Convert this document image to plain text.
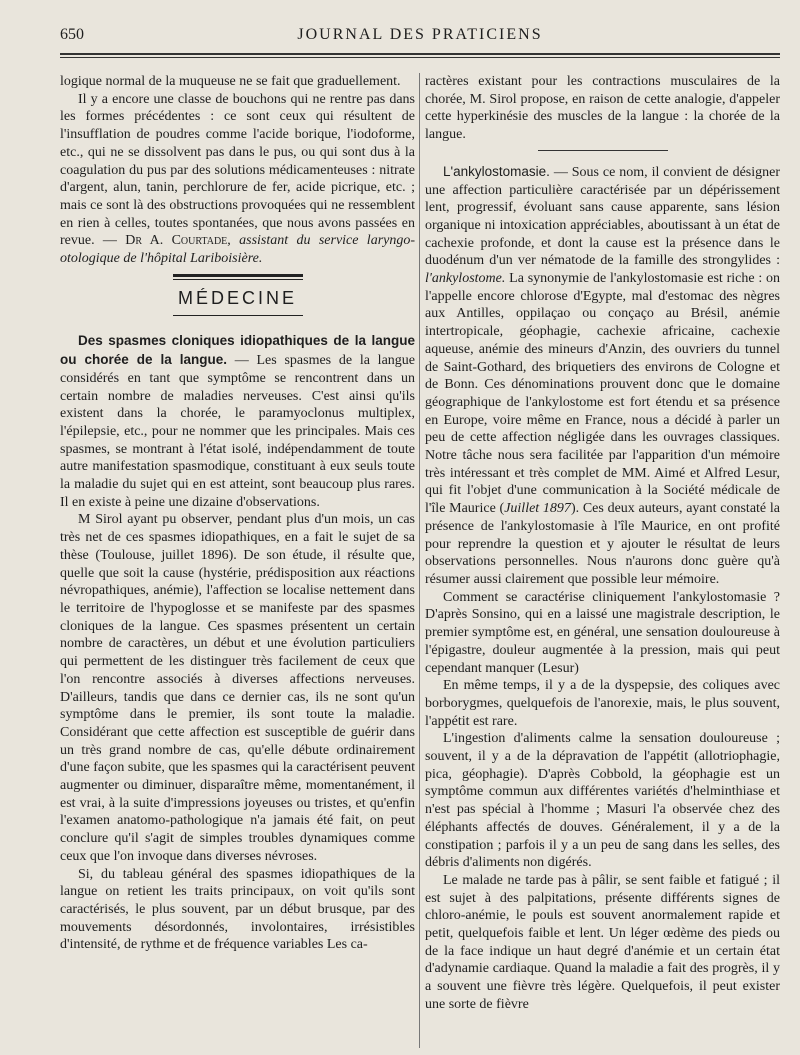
650	JOURNAL DES PRATICIENS

logique normal de la muqueuse ne se fait que graduellement.

Il y a encore une classe de bouchons qui ne rentre pas dans les formes précédentes : ce sont ceux qui résultent de l'insufflation de poudres comme l'acide borique, l'iodoforme, etc., qui ne se dissolvent pas dans le pus, ou qui sont dus à la coagulation du pus par des solutions médicamenteuses : nitrate d'argent, alun, tanin, perchlorure de fer, acide picrique, etc. ; mais ce sont là des obstructions provoquées qui ne ressemblent en rien à celles, toutes spontanées, que nous avons passées en revue. — Dr A. Courtade, assistant du service laryngo-otologique de l'hôpital Lariboisière.

MÉDECINE

Des spasmes cloniques idiopathiques de la langue ou chorée de la langue. — Les spasmes de la langue considérés en tant que symptôme se rencontrent dans un certain nombre de maladies nerveuses. C'est ainsi qu'ils existent dans la chorée, le paramyoclonus multiplex, l'épilepsie, etc., pour ne nommer que les principales. Mais ces spasmes, se montrant à l'état isolé, indépendamment de toute autre manifestation spasmodique, constituant à eux seuls toute la maladie du sujet qui en est atteint, sont beaucoup plus rares. Il en existe à peine une dizaine d'observations.

M Sirol ayant pu observer, pendant plus d'un mois, un cas très net de ces spasmes idiopathiques, en a fait le sujet de sa thèse (Toulouse, juillet 1896). De son étude, il résulte que, quelle que soit la cause (hystérie, prédisposition aux réactions névropathiques, anémie), l'affection se localise nettement dans le territoire de l'hypoglosse et se manifeste par des spasmes cloniques de la langue. Ces spasmes présentent un certain nombre de caractères, un début et une évolution particuliers qui permettent de les distinguer très facilement de ceux que l'on rencontre associés à diverses affections nerveuses. D'ailleurs, tandis que dans ce dernier cas, ils ne sont qu'un symptôme dans le premier, ils sont toute la maladie. Considérant que cette affection est susceptible de guérir dans un très grand nombre de cas, qu'elle débute ordinairement d'une façon subite, que les spasmes qui la caractérisent peuvent augmenter ou diminuer, disparaître même, momentanément, il est vrai, à la suite d'impressions joyeuses ou tristes, et qu'enfin l'examen anatomo-pathologique n'a jamais été fait, on peut conclure qu'il s'agit de simples troubles dynamiques comme ceux que l'on invoque dans diverses névroses.

Si, du tableau général des spasmes idiopathiques de la langue on retient les traits principaux, on voit qu'ils sont caractérisés, le plus souvent, par un début brusque, par des mouvements désordonnés, involontaires, irrésistibles d'intensité, de rythme et de fréquence variables Les ca-

ractères existant pour les contractions musculaires de la chorée, M. Sirol propose, en raison de cette analogie, d'appeler cette hyperkinésie des muscles de la langue : la chorée de la langue.

L'ankylostomasie. — Sous ce nom, il convient de désigner une affection particulière caractérisée par un dépérissement lent, progressif, évoluant sans cause apparente, sans lésion organique ni intoxication appréciables, aboutissant à un état de cachexie profonde, et dont la cause est la présence dans le duodénum d'un ver nématode de la famille des strongylides : l'ankylostome. La synonymie de l'ankylostomasie est riche : on l'appelle encore chlorose d'Egypte, mal d'estomac des nègres aux Antilles, oppilaçao ou conçaço au Brésil, anémie intertropicale, géophagie, cachexie africaine, cachexie aqueuse, anémie des mineurs d'Anzin, des ouvriers du tunnel de Saint-Gothard, des briquetiers des environs de Cologne et de Bonn. Ces dénominations prouvent donc que le domaine géographique de l'ankylostome est fort étendu et sa présence en Europe, voire même en France, nous a décidé à parler un peu de cette affection négligée dans les ouvrages classiques. Notre tâche nous sera facilitée par l'apparition d'un mémoire très intéressant et très complet de MM. Aimé et Alfred Lesur, qui fit l'objet d'une communication à la Société médicale de l'île Maurice (Juillet 1897). Ces deux auteurs, ayant constaté la présence de l'ankylostomasie à l'île Maurice, en ont profité pour reprendre la question et y ajouter le résultat de leurs observations personnelles. Nous n'aurons donc guère qu'à résumer aussi clairement que possible leur mémoire.

Comment se caractérise cliniquement l'ankylostomasie ? D'après Sonsino, qui en a laissé une magistrale description, le premier symptôme est, en général, une sensation douloureuse à l'épigastre, douleur augmentée à la pression, mais qui peut cependant manquer (Lesur)

En même temps, il y a de la dyspepsie, des coliques avec borborygmes, quelquefois de l'anorexie, mais, le plus souvent, l'appétit est rare.

L'ingestion d'aliments calme la sensation douloureuse ; souvent, il y a de la dépravation de l'appétit (allotriophagie, pica, géophagie). D'après Cobbold, la géophagie est un symptôme commun aux différentes variétés d'helminthiase et n'est pas spécial à l'homme ; Masuri l'a observée chez des éléphants affectés de douves. Généralement, il y a de la constipation ; parfois il y a un peu de sang dans les selles, des débris d'aliments non digérés.

Le malade ne tarde pas à pâlir, se sent faible et fatigué ; il est sujet à des palpitations, présente différents signes de chloro-anémie, le pouls est souvent anormalement rapide et petit, quelquefois faible et lent. Un léger œdème des pieds ou de la face indique un haut degré d'anémie et un certain état d'adynamie cardiaque. Quand la maladie a fait des progrès, il y a souvent une fièvre très légère. Quelquefois, il peut exister une sorte de fièvre
